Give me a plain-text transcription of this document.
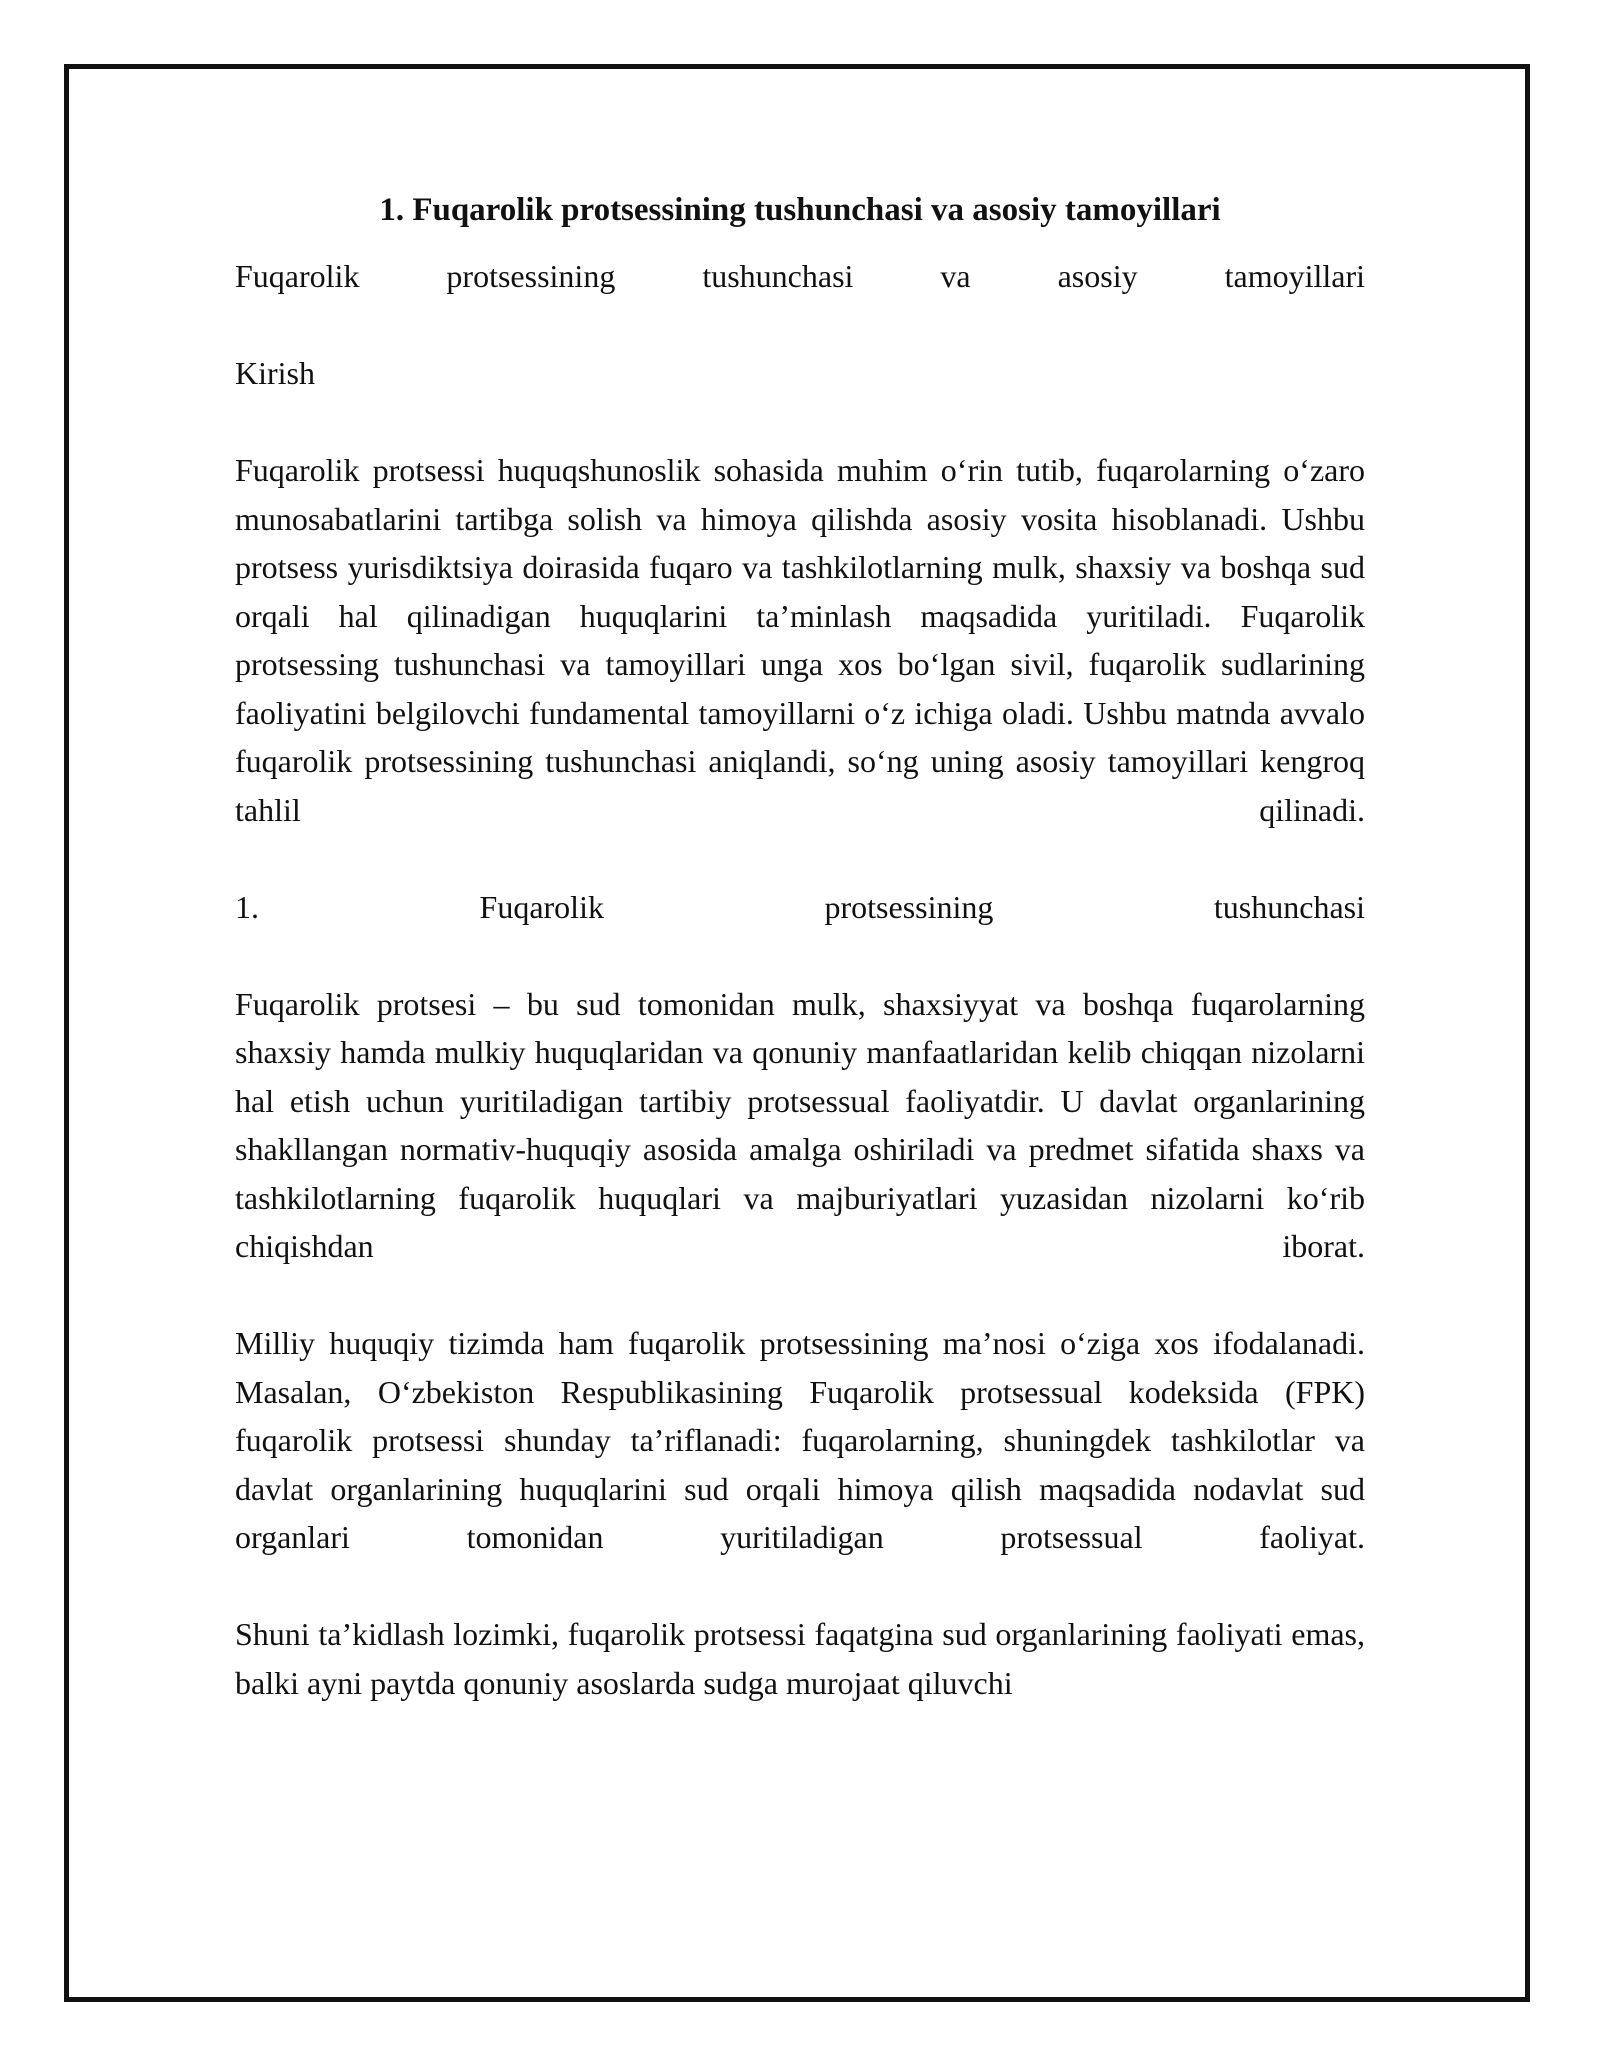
1. Fuqarolik protsessining tushunchasi va asosiy tamoyillari
Fuqarolik protsessining tushunchasi va asosiy tamoyillari
Kirish
Fuqarolik protsessi huquqshunoslik sohasida muhim o‘rin tutib, fuqarolarning o‘zaro munosabatlarini tartibga solish va himoya qilishda asosiy vosita hisoblanadi. Ushbu protsess yurisdiktsiya doirasida fuqaro va tashkilotlarning mulk, shaxsiy va boshqa sud orqali hal qilinadigan huquqlarini ta’minlash maqsadida yuritiladi. Fuqarolik protsessing tushunchasi va tamoyillari unga xos bo‘lgan sivil, fuqarolik sudlarining faoliyatini belgilovchi fundamental tamoyillarni o‘z ichiga oladi. Ushbu matnda avvalo fuqarolik protsessining tushunchasi aniqlandi, so‘ng uning asosiy tamoyillari kengroq tahlil qilinadi.
1. Fuqarolik protsessining tushunchasi
Fuqarolik protsesi – bu sud tomonidan mulk, shaxsiyyat va boshqa fuqarolarning shaxsiy hamda mulkiy huquqlaridan va qonuniy manfaatlaridan kelib chiqqan nizolarni hal etish uchun yuritiladigan tartibiy protsessual faoliyatdir. U davlat organlarining shakllangan normativ-huquqiy asosida amalga oshiriladi va predmet sifatida shaxs va tashkilotlarning fuqarolik huquqlari va majburiyatlari yuzasidan nizolarni ko‘rib chiqishdan iborat.
Milliy huquqiy tizimda ham fuqarolik protsessining ma’nosi o‘ziga xos ifodalanadi. Masalan, O‘zbekiston Respublikasining Fuqarolik protsessual kodeksida (FPK) fuqarolik protsessi shunday ta’riflanadi: fuqarolarning, shuningdek tashkilotlar va davlat organlarining huquqlarini sud orqali himoya qilish maqsadida nodavlat sud organlari tomonidan yuritiladigan protsessual faoliyat.
Shuni ta’kidlash lozimki, fuqarolik protsessi faqatgina sud organlarining faoliyati emas, balki ayni paytda qonuniy asoslarda sudga murojaat qiluvchi
